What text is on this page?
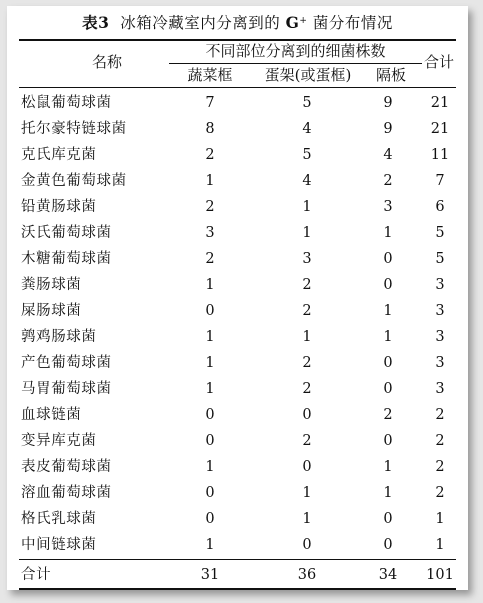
表3 冰箱冷藏室内分离到的 G+ 菌分布情况
名称
不同部位分离到的细菌株数
合计
蔬菜框	蛋架(或蛋框)	隔板
松鼠葡萄球菌	7	5	9	21
托尔豪特链球菌	8	4	9	21
克氏库克菌	2	5	4	11
金黄色葡萄球菌	1	4	2	7
铅黄肠球菌	2	1	3	6
沃氏葡萄球菌	3	1	1	5
木糖葡萄球菌	2	3	0	5
粪肠球菌	1	2	0	3
屎肠球菌	0	2	1	3
鹑鸡肠球菌	1	1	1	3
产色葡萄球菌	1	2	0	3
马胃葡萄球菌	1	2	0	3
血球链菌	0	0	2	2
变异库克菌	0	2	0	2
表皮葡萄球菌	1	0	1	2
溶血葡萄球菌	0	1	1	2
格氏乳球菌	0	1	0	1
中间链球菌	1	0	0	1
合计	31	36	34	101
